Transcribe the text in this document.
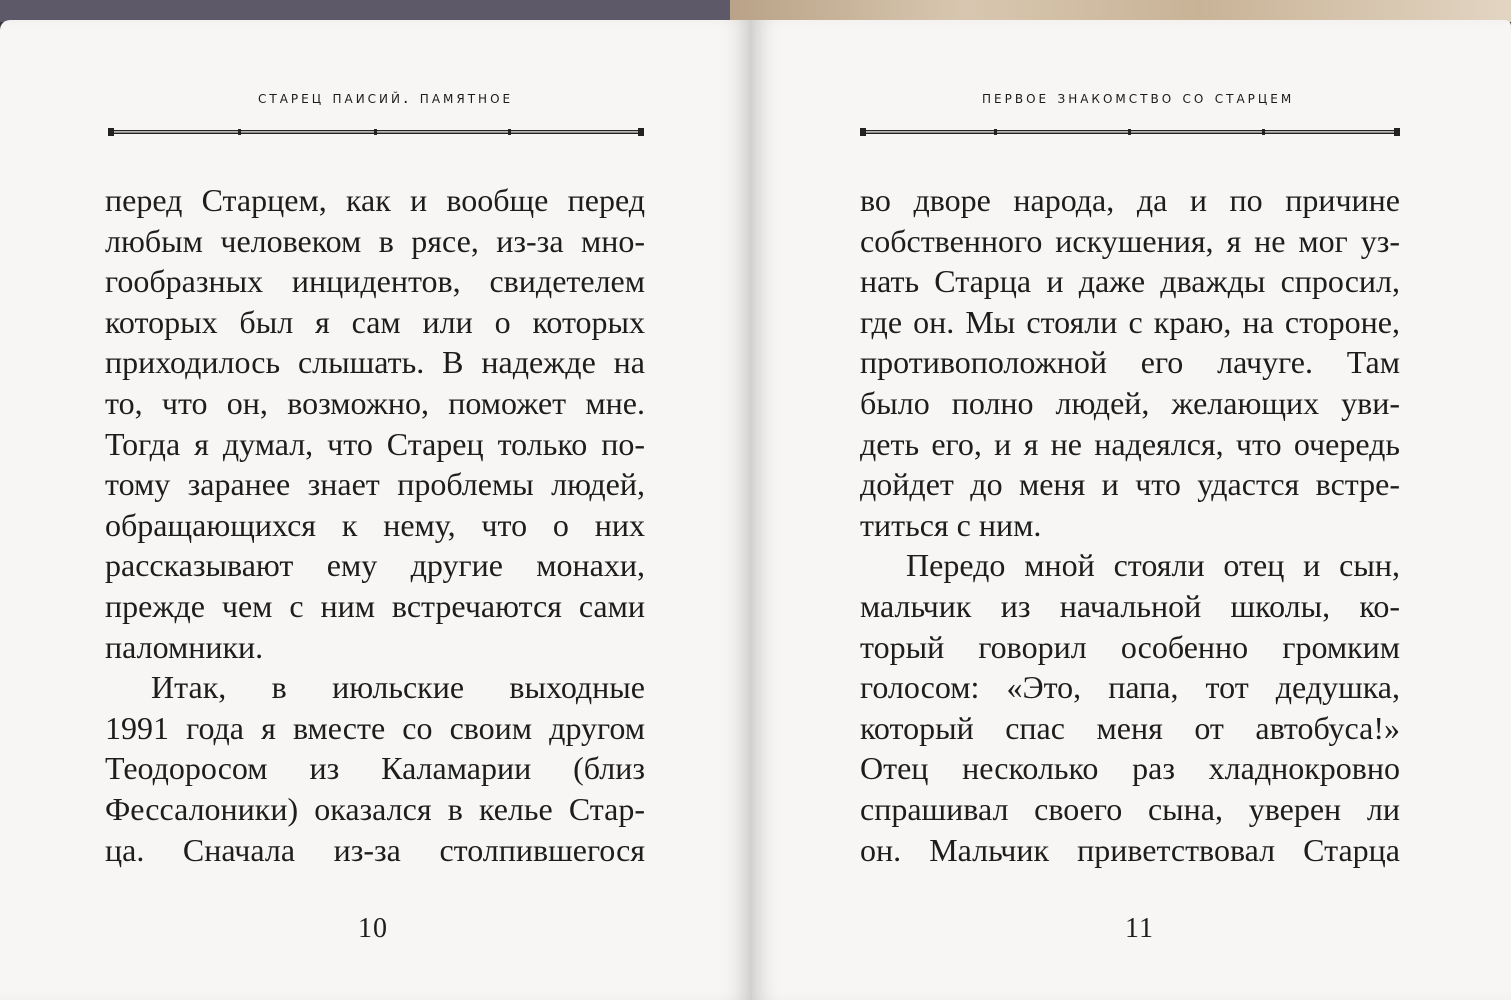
старец паисий. памятное
перед Старцем, как и вообще перед
любым человеком в рясе, из-за мно-
гообразных инцидентов, свидетелем
которых был я сам или о которых
приходилось слышать. В надежде на
то, что он, возможно, поможет мне.
Тогда я думал, что Старец только по-
тому заранее знает проблемы людей,
обращающихся к нему, что о них
рассказывают ему другие монахи,
прежде чем с ним встречаются сами
паломники.
Итак, в июльские выходные
1991 года я вместе со своим другом
Теодоросом из Каламарии (близ
Фессалоники) оказался в келье Стар-
ца. Сначала из-за столпившегося
10
первое знакомство со старцем
во дворе народа, да и по причине
собственного искушения, я не мог уз-
нать Старца и даже дважды спросил,
где он. Мы стояли с краю, на стороне,
противоположной его лачуге. Там
было полно людей, желающих уви-
деть его, и я не надеялся, что очередь
дойдет до меня и что удастся встре-
титься с ним.
Передо мной стояли отец и сын,
мальчик из начальной школы, ко-
торый говорил особенно громким
голосом: «Это, папа, тот дедушка,
который спас меня от автобуса!»
Отец несколько раз хладнокровно
спрашивал своего сына, уверен ли
он. Мальчик приветствовал Старца
11
